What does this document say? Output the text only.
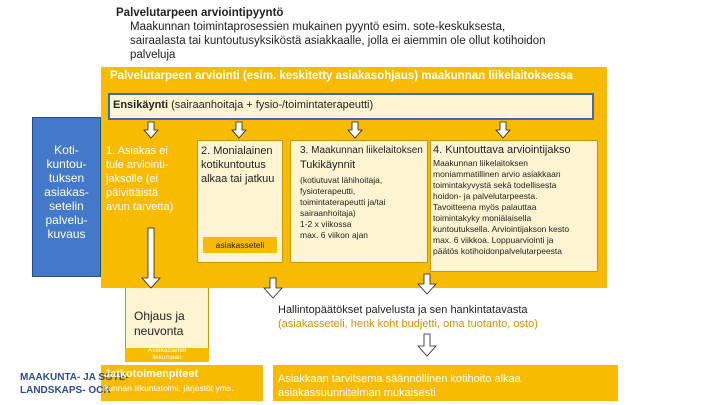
Palvelutarpeen arviointipyyntö
Maakunnan toimintaprosessien mukainen pyyntö esim. sote-keskuksesta, sairaalasta tai kuntoutusyksiköstä asiakkaalle, jolla ei aiemmin ole ollut kotihoidon palveluja
Palvelutarpeen arviointi (esim. keskitetty asiakasohjaus) maakunnan liikelaitoksessa
Ensikäynti (sairaanhoitaja + fysio-/toimintaterapeutti)
Koti-
kuntou-
tuksen
asiakas-
setelin
palvelu-
kuvaus
1. Asiakas ei
tule arviointi-
jaksolle (ei
päivittäistä
avun tarvetta)
2. Monialainen
kotikuntoutus
alkaa tai jatkuu
asiakasseteli
3. Maakunnan liikelaitoksen
Tukikäynnit
(kotiutuvat lähihoitaja,
fysioterapeutti,
toimintaterapeutti ja/tai
sairaanhoitaja)
1-2 x viikossa
max. 6 viikon ajan
4. Kuntouttava arviointijakso
Maakunnan liikelaitoksen
moniammatillinen arvio asiakkaan
toimintakyvystä sekä todellisesta
hoidon- ja palvelutarpeesta.
Tavoitteena myös palauttaa
toimintakyky moniälaisella
kuntoutuksella. Arviointijakson kesto
max. 6 viikkoa. Loppuarviointi ja
päätös kotihoidonpalvelutarpeesta
Ohjaus ja
neuvonta
Asiakasseteli
likkumaan
MAAKUNTA- JA SOTE-
LANDSKAPS- OCH
Jatkotoimenpiteet
kunnan liikuntatoimi, järjestöt yms.
Hallintopäätökset palvelusta ja sen hankintatavasta
(asiakasseteli, henk koht budjetti, oma tuotanto, osto)
Asiakkaan tarvitsema säännöllinen kotihoito alkaa
asiakassuunnitelman mukaisesti
